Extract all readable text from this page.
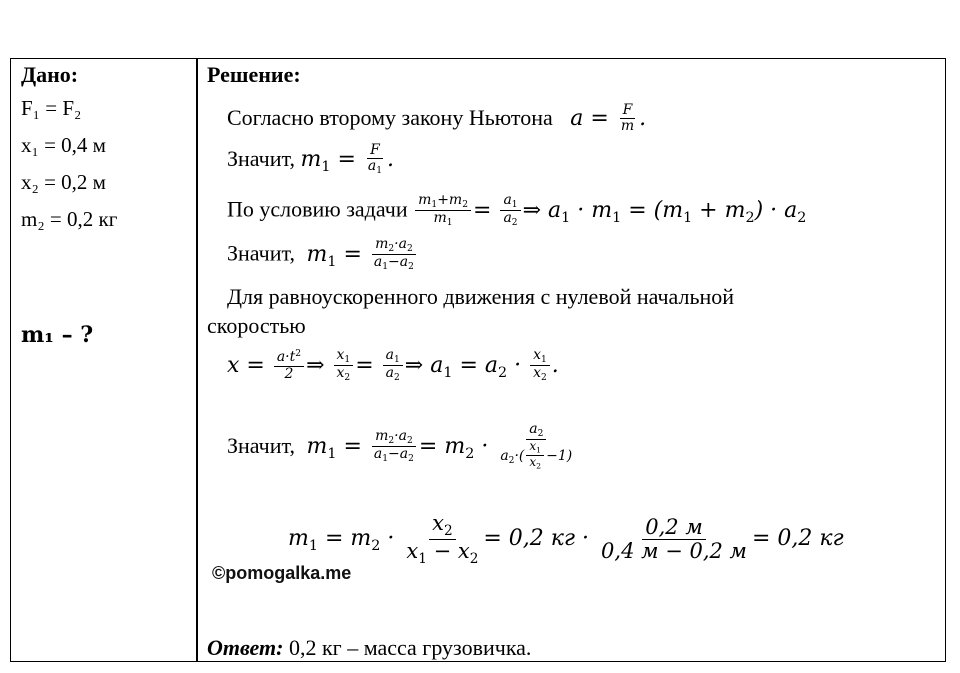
Дано:
F₁ = F₂
x₁ = 0,4 м
x₂ = 0,2 м
m₂ = 0,2 кг
m₁ – ?
Решение:
Согласно второму закону Ньютона $a = \frac{F}{m}$ .
Значит, $m_1 = \frac{F}{a_1}$ .
По условию задачи $\frac{m_1+m_2}{m_1} = \frac{a_1}{a_2}$ ⇒ $a_1 \cdot m_1 = (m_1 + m_2) \cdot a_2$
Значит, $m_1 = \frac{m_2\cdot a_2}{a_1-a_2}$
Для равноускоренного движения с нулевой начальной
скоростью
$x = \frac{a\cdot t^2}{2}$ ⇒ $\frac{x_1}{x_2} = \frac{a_1}{a_2}$ ⇒ $a_1 = a_2 \cdot \frac{x_1}{x_2}$ .
Значит, $m_1 = \frac{m_2\cdot a_2}{a_1-a_2} = m_2 \cdot \frac{a_2}{a_2\cdot( \frac{x_1}{x_2} -1)}$
$m_1 = m_2 \cdot \frac{x_2}{x_1 - x_2} = 0,2$ кг · $\frac{0,2 м}{0,4 м - 0,2 м} = 0,2$ кг
©pomogalka.me
Ответ: 0,2 кг – масса грузовичка.
